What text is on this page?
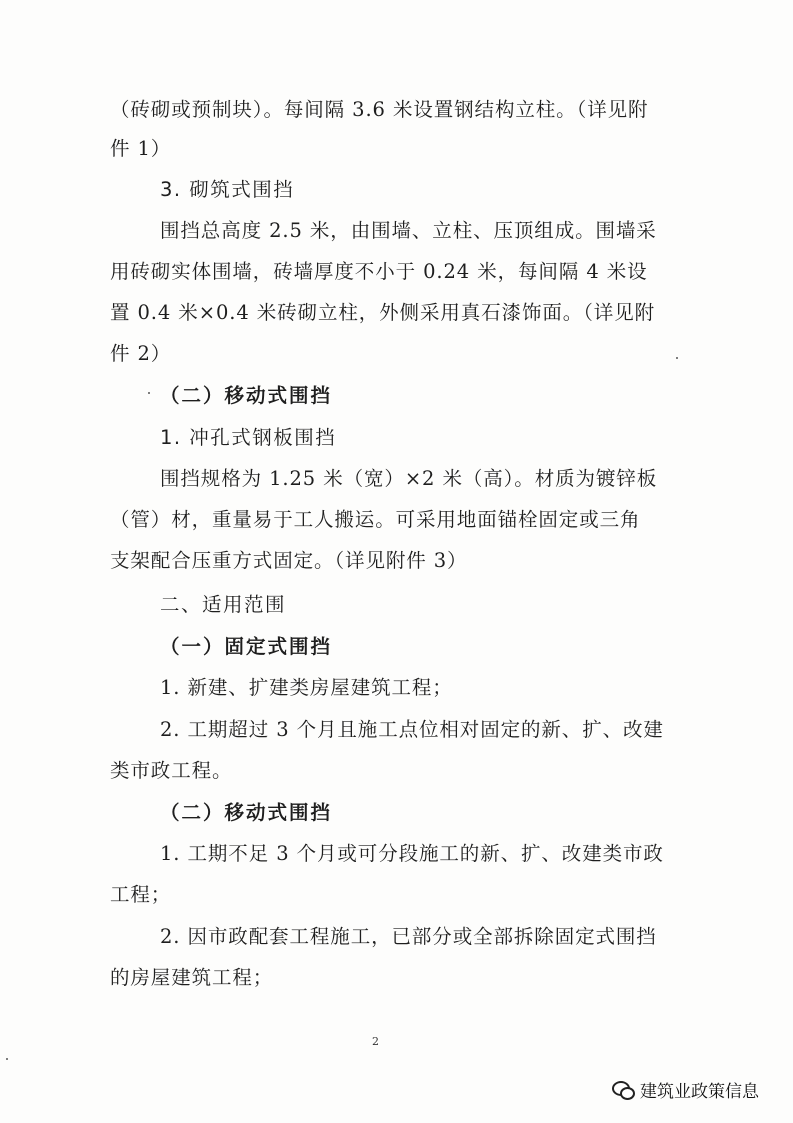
（砖砌或预制块）。每间隔 3.6 米设置钢结构立柱。（详见附
件 1）
3. 砌筑式围挡
围挡总高度 2.5 米，由围墙、立柱、压顶组成。围墙采
用砖砌实体围墙，砖墙厚度不小于 0.24 米，每间隔 4 米设
置 0.4 米×0.4 米砖砌立柱，外侧采用真石漆饰面。（详见附
件 2）
（二）移动式围挡
1. 冲孔式钢板围挡
围挡规格为 1.25 米（宽）×2 米（高）。材质为镀锌板
（管）材，重量易于工人搬运。可采用地面锚栓固定或三角
支架配合压重方式固定。（详见附件 3）
二、适用范围
（一）固定式围挡
1. 新建、扩建类房屋建筑工程；
2. 工期超过 3 个月且施工点位相对固定的新、扩、改建
类市政工程。
（二）移动式围挡
1. 工期不足 3 个月或可分段施工的新、扩、改建类市政
工程；
2. 因市政配套工程施工，已部分或全部拆除固定式围挡
的房屋建筑工程；
2
建筑业政策信息
